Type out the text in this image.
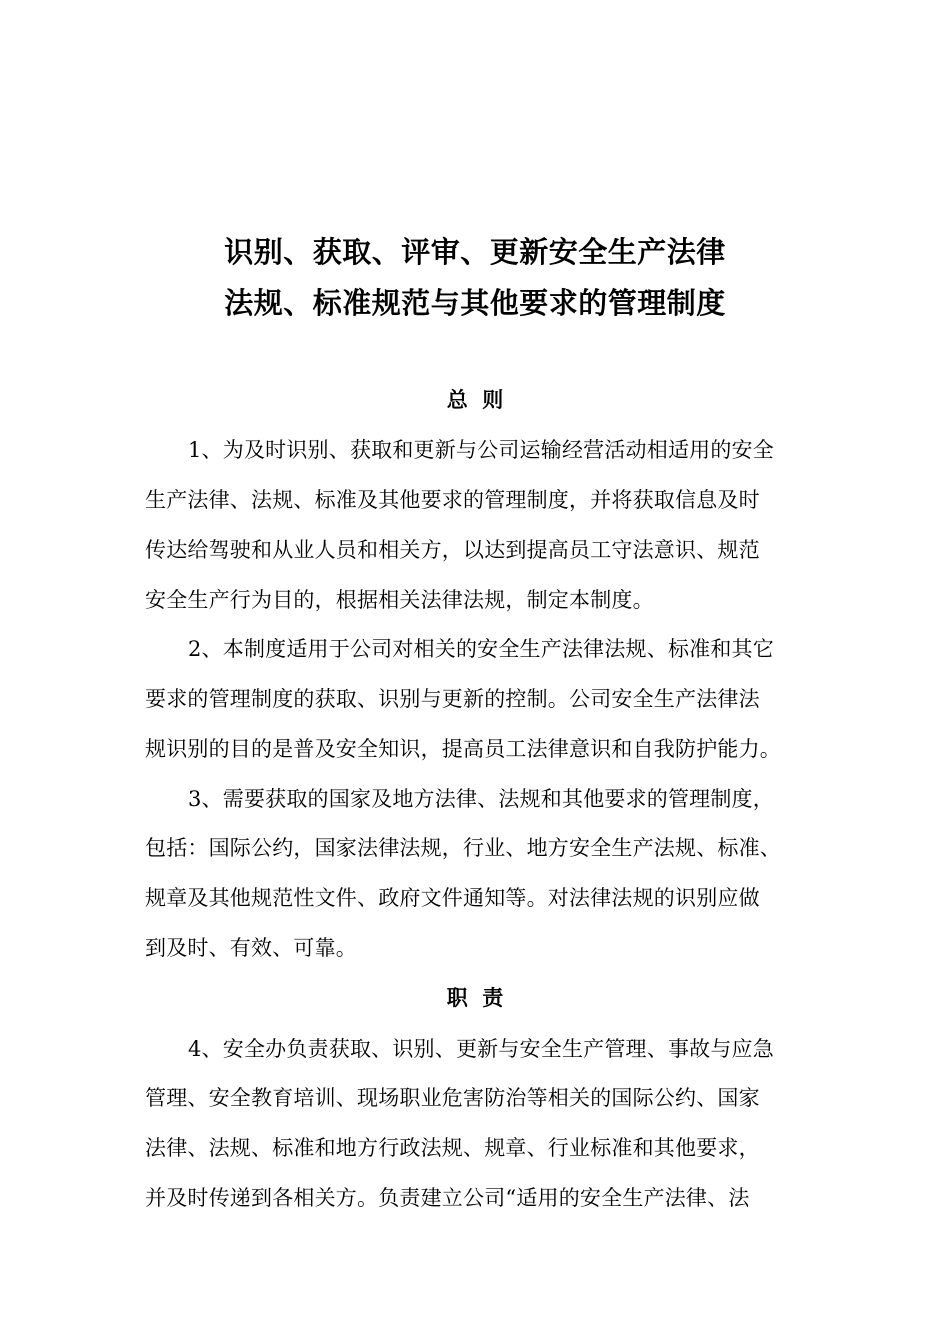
识别、获取、评审、更新安全生产法律
法规、标准规范与其他要求的管理制度
总  则
1、为及时识别、获取和更新与公司运输经营活动相适用的安全
生产法律、法规、标准及其他要求的管理制度，并将获取信息及时
传达给驾驶和从业人员和相关方，以达到提高员工守法意识、规范
安全生产行为目的，根据相关法律法规，制定本制度。
2、本制度适用于公司对相关的安全生产法律法规、标准和其它
要求的管理制度的获取、识别与更新的控制。公司安全生产法律法
规识别的目的是普及安全知识，提高员工法律意识和自我防护能力。
3、需要获取的国家及地方法律、法规和其他要求的管理制度，
包括：国际公约，国家法律法规，行业、地方安全生产法规、标准、
规章及其他规范性文件、政府文件通知等。对法律法规的识别应做
到及时、有效、可靠。
职  责
4、安全办负责获取、识别、更新与安全生产管理、事故与应急
管理、安全教育培训、现场职业危害防治等相关的国际公约、国家
法律、法规、标准和地方行政法规、规章、行业标准和其他要求，
并及时传递到各相关方。负责建立公司“适用的安全生产法律、法
